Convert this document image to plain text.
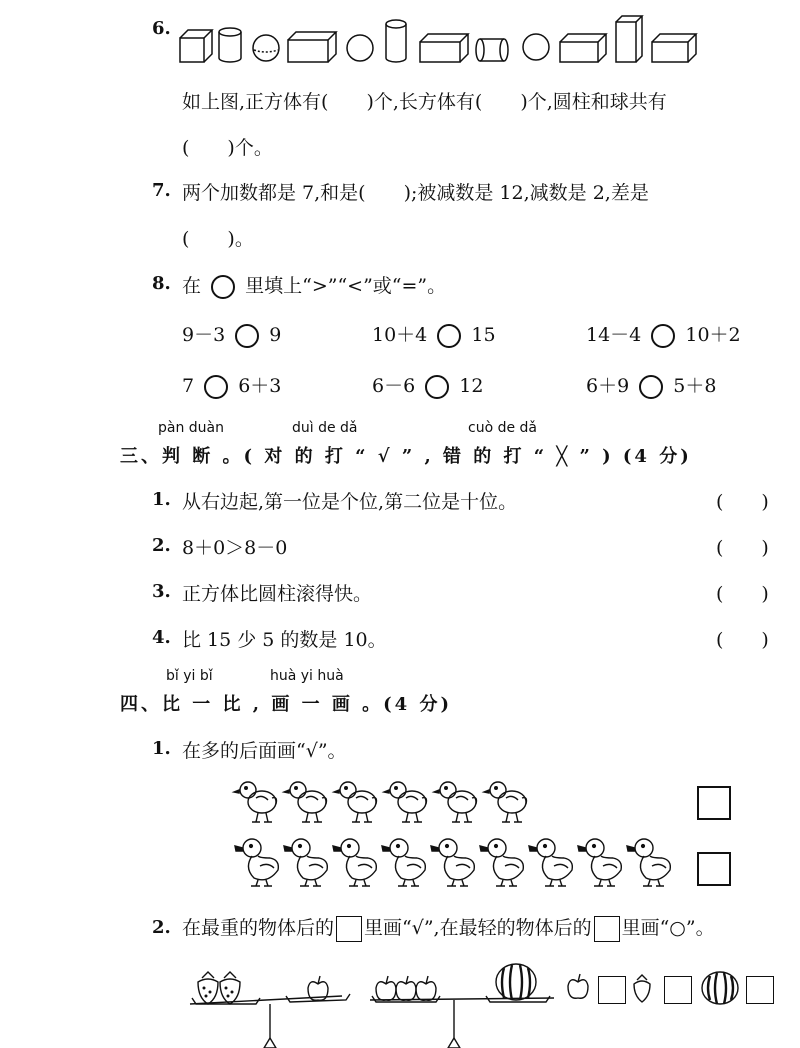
6.
如上图,正方体有(　　)个,长方体有(　　)个,圆柱和球共有
(　　)个。
7. 两个加数都是 7,和是(　　);被减数是 12,减数是 2,差是
(　　)。
8. 在 里填上“>”“<”或“=”。
9－3 9	10＋4 15	14－4 10＋2
7 6＋3	6－6 12	6＋9 5＋8
pàn duàn	duì de dǎ	cuò de dǎ
三、判 断 。( 对 的 打 “ √ ” , 错 的 打 “ ╳ ” ) (4 分)
1. 从右边起,第一位是个位,第二位是十位。	(　　)
2. 8＋0＞8－0	(　　)
3. 正方体比圆柱滚得快。	(　　)
4. 比 15 少 5 的数是 10。	(　　)
bǐ yi bǐ	huà yi huà
四、比 一 比 , 画 一 画 。(4 分)
1. 在多的后面画“√”。
2. 在最重的物体后的 里画“√”,在最轻的物体后的 里画“○”。
